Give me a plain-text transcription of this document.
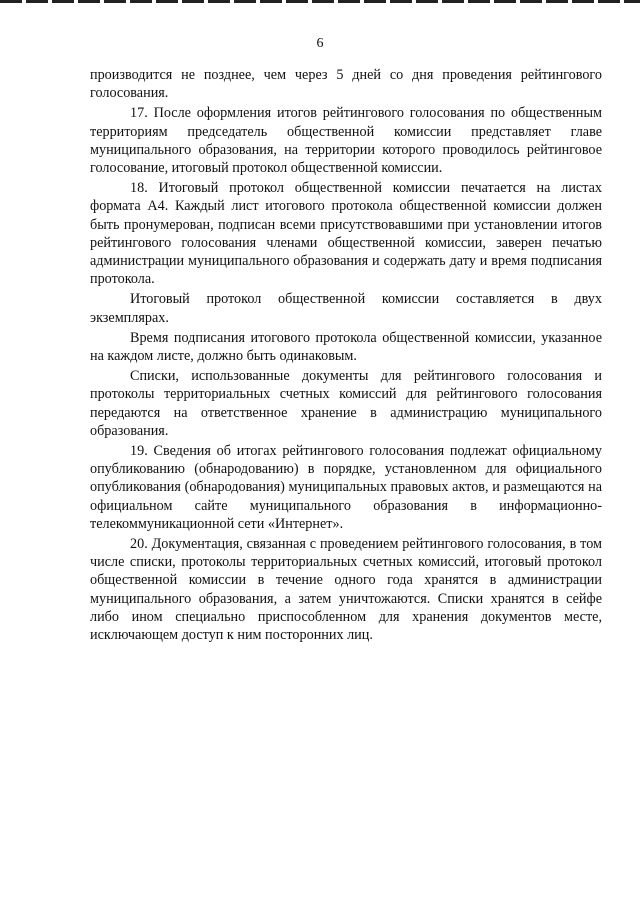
6

производится не позднее, чем через 5 дней со дня проведения рейтингового голосования.

17. После оформления итогов рейтингового голосования по общественным территориям председатель общественной комиссии представляет главе муниципального образования, на территории которого проводилось рейтинговое голосование, итоговый протокол общественной комиссии.

18. Итоговый протокол общественной комиссии печатается на листах формата А4. Каждый лист итогового протокола общественной комиссии должен быть пронумерован, подписан всеми присутствовавшими при установлении итогов рейтингового голосования членами общественной комиссии, заверен печатью администрации муниципального образования и содержать дату и время подписания протокола.

Итоговый протокол общественной комиссии составляется в двух экземплярах.

Время подписания итогового протокола общественной комиссии, указанное на каждом листе, должно быть одинаковым.

Списки, использованные документы для рейтингового голосования и протоколы территориальных счетных комиссий для рейтингового голосования передаются на ответственное хранение в администрацию муниципального образования.

19. Сведения об итогах рейтингового голосования подлежат официальному опубликованию (обнародованию) в порядке, установленном для официального опубликования (обнародования) муниципальных правовых актов, и размещаются на официальном сайте муниципального образования в информационно-телекоммуникационной сети «Интернет».

20. Документация, связанная с проведением рейтингового голосования, в том числе списки, протоколы территориальных счетных комиссий, итоговый протокол общественной комиссии в течение одного года хранятся в администрации муниципального образования, а затем уничтожаются. Списки хранятся в сейфе либо ином специально приспособленном для хранения документов месте, исключающем доступ к ним посторонних лиц.
